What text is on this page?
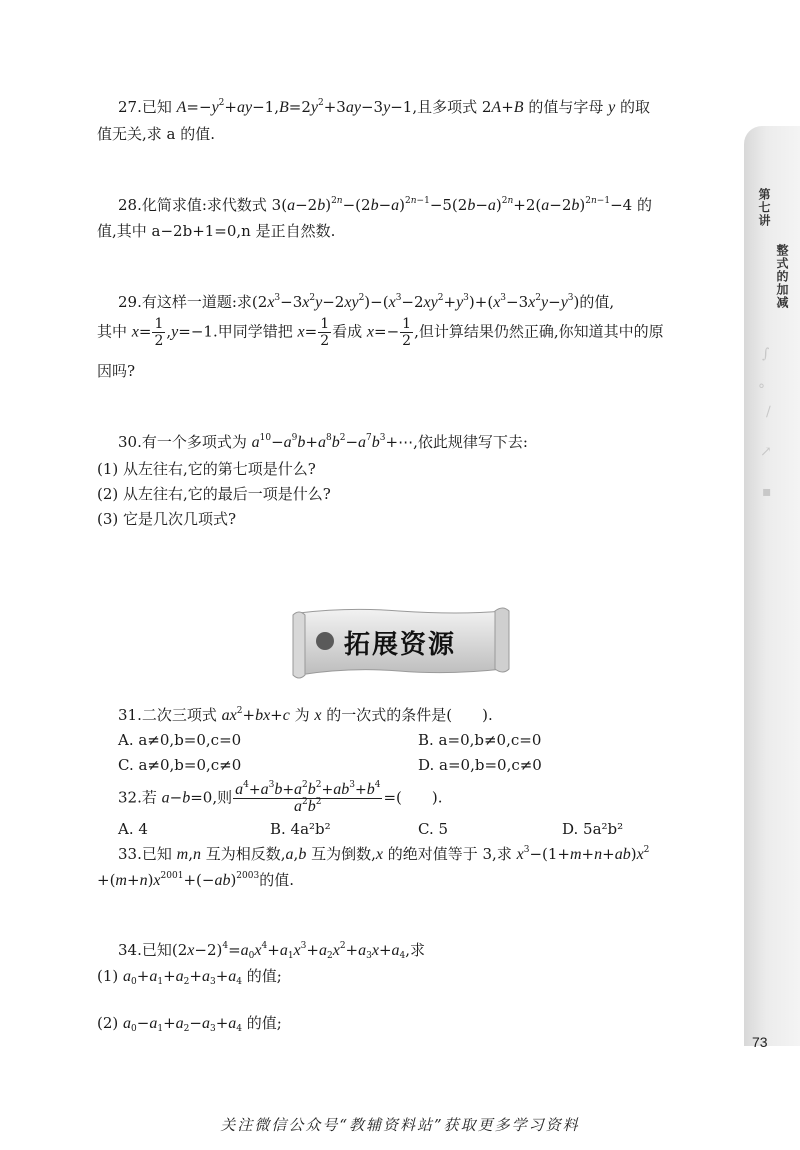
第七讲
整式的加减
∫
°
∕
↗
▪
27.已知 $A=-y^2+ay-1,B=2y^2+3ay-3y-1$,且多项式 2A+B 的值与字母 y 的取
值无关,求 a 的值.
28.化简求值:求代数式 $3(a-2b)^{2n}-(2b-a)^{2n-1}-5(2b-a)^{2n}+2(a-2b)^{2n-1}-4$ 的
值,其中 a−2b+1=0,n 是正自然数.
29.有这样一道题:求$(2x^3-3x^2y-2xy^2)-(x^3-2xy^2+y^3)+(x^3-3x^2y-y^3)$的值,
其中 $x= \frac{1}{2} ,y=-1$.甲同学错把 $x= \frac{1}{2}$ 看成 $x=- \frac{1}{2}$ ,但计算结果仍然正确,你知道其中的原
因吗?
30.有一个多项式为 $a^{10}-a^9b+a^8b^2-a^7b^3+\cdots$,依此规律写下去:
(1) 从左往右,它的第七项是什么?
(2) 从左往右,它的最后一项是什么?
(3) 它是几次几项式?
拓展资源
31.二次三项式 $ax^2+bx+c$ 为 x 的一次式的条件是(　　).
A. a≠0,b=0,c=0	B. a=0,b≠0,c=0
C. a≠0,b=0,c≠0	D. a=0,b=0,c≠0
32.若 a−b=0,则 $\frac{a^4+a^3b+a^2b^2+ab^3+b^4}{a^2b^2}$ =(　　).
A. 4	B. 4a²b²	C. 5	D. 5a²b²
33.已知 m,n 互为相反数,a,b 互为倒数,x 的绝对值等于 3,求 $x^3-(1+m+n+ab)x^2$
$+(m+n)x^{2001}+(-ab)^{2003}$的值.
34.已知$(2x-2)^4=a_0x^4+a_1x^3+a_2x^2+a_3x+a_4$,求
(1) $a_0+a_1+a_2+a_3+a_4$ 的值;
(2) $a_0-a_1+a_2-a_3+a_4$ 的值;
73
关注微信公众号“教辅资料站”获取更多学习资料
